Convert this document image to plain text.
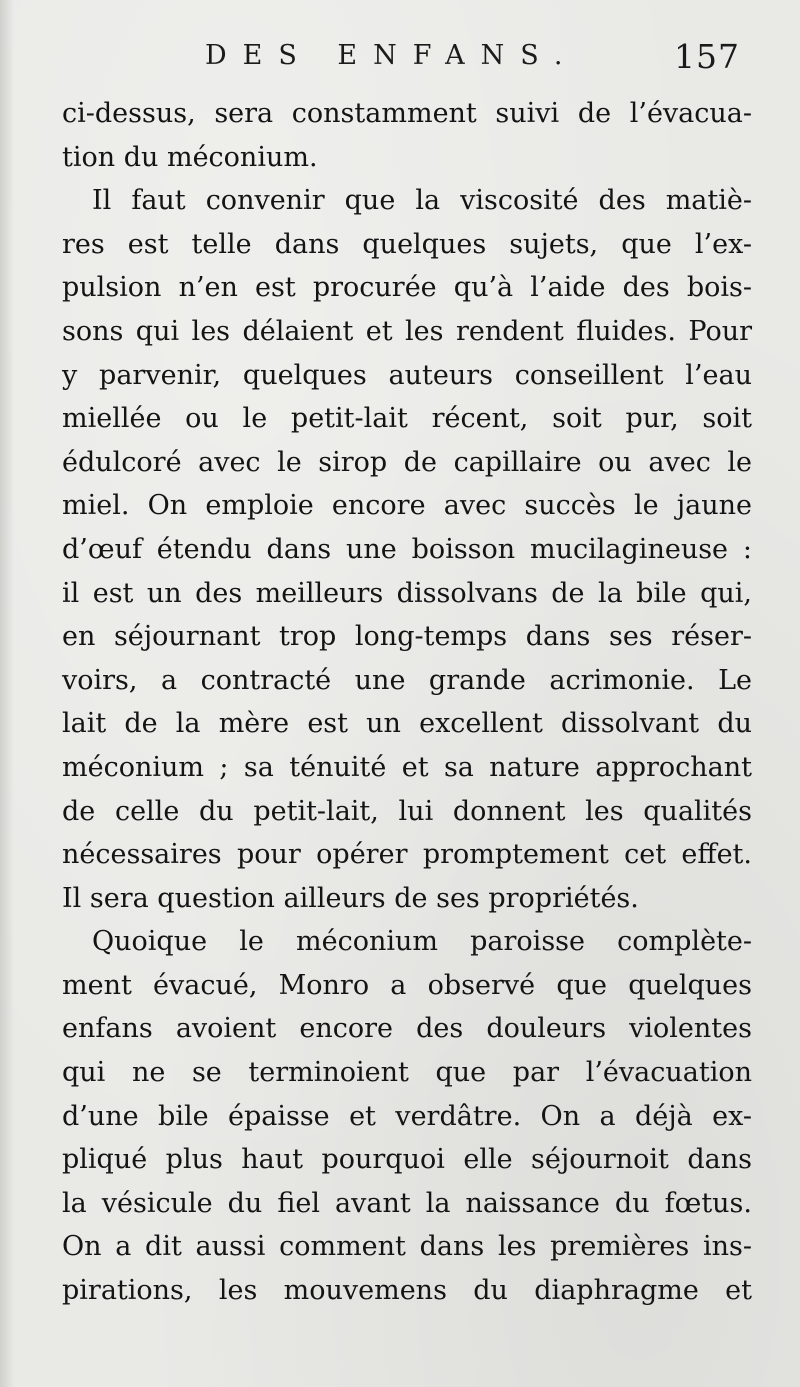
DES ENFANS.	157
ci-dessus, sera constamment suivi de l’évacua-
tion du méconium.
Il faut convenir que la viscosité des matiè-
res est telle dans quelques sujets, que l’ex-
pulsion n’en est procurée qu’à l’aide des bois-
sons qui les délaient et les rendent fluides. Pour
y parvenir, quelques auteurs conseillent l’eau
miellée ou le petit-lait récent, soit pur, soit
édulcoré avec le sirop de capillaire ou avec le
miel. On emploie encore avec succès le jaune
d’œuf étendu dans une boisson mucilagineuse :
il est un des meilleurs dissolvans de la bile qui,
en séjournant trop long-temps dans ses réser-
voirs, a contracté une grande acrimonie. Le
lait de la mère est un excellent dissolvant du
méconium ; sa ténuité et sa nature approchant
de celle du petit-lait, lui donnent les qualités
nécessaires pour opérer promptement cet effet.
Il sera question ailleurs de ses propriétés.
Quoique le méconium paroisse complète-
ment évacué, Monro a observé que quelques
enfans avoient encore des douleurs violentes
qui ne se terminoient que par l’évacuation
d’une bile épaisse et verdâtre. On a déjà ex-
pliqué plus haut pourquoi elle séjournoit dans
la vésicule du fiel avant la naissance du fœtus.
On a dit aussi comment dans les premières ins-
pirations, les mouvemens du diaphragme et
